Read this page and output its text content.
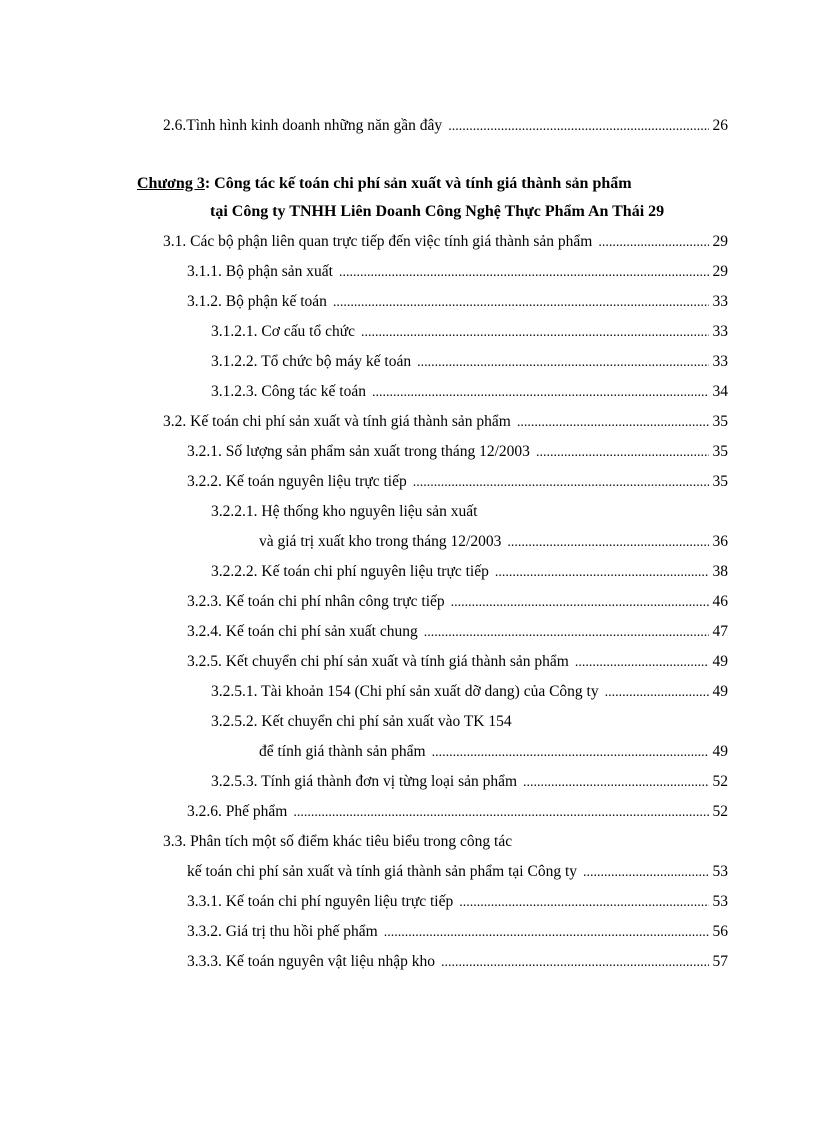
2.6.Tình hình kinh doanh những năn gần đây .....	26
Chương 3: Công tác kế toán chi phí sản xuất và tính giá thành sản phẩm
tại Công ty TNHH Liên Doanh Công Nghệ Thực Phẩm An Thái 29
3.1. Các bộ phận liên quan trực tiếp đến việc tính giá thành sản phẩm .....	29
3.1.1. Bộ phận sản xuất .....	29
3.1.2. Bộ phận kế toán .....	33
3.1.2.1. Cơ cấu tổ chức .....	33
3.1.2.2. Tổ chức bộ máy kế toán .....	33
3.1.2.3. Công tác kế toán .....	34
3.2. Kế toán chi phí sản xuất và tính giá thành sản phẩm .....	35
3.2.1. Số lượng sản phẩm sản xuất trong tháng 12/2003 .....	35
3.2.2. Kế toán nguyên liệu trực tiếp .....	35
3.2.2.1. Hệ thống kho nguyên liệu sản xuất
và giá trị xuất kho trong tháng 12/2003 .....	36
3.2.2.2. Kế toán chi phí nguyên liệu trực tiếp .....	38
3.2.3. Kế toán chi phí nhân công trực tiếp .....	46
3.2.4. Kế toán chi phí sản xuất chung .....	47
3.2.5. Kết chuyển chi phí sản xuất và tính giá thành sản phẩm .....	49
3.2.5.1. Tài khoản 154 (Chi phí sản xuất dỡ dang) của Công ty .....	49
3.2.5.2. Kết chuyển chi phí sản xuất vào TK 154
để tính giá thành sản phẩm .....	49
3.2.5.3. Tính giá thành đơn vị từng loại sản phẩm .....	52
3.2.6. Phế phẩm .....	52
3.3. Phân tích một số điểm khác tiêu biểu trong công tác
kế toán chi phí sản xuất và tính giá thành sản phẩm tại Công ty .....	53
3.3.1. Kế toán chi phí nguyên liệu trực tiếp .....	53
3.3.2. Giá trị thu hồi phế phẩm .....	56
3.3.3. Kế toán nguyên vật liệu nhập kho .....	57
